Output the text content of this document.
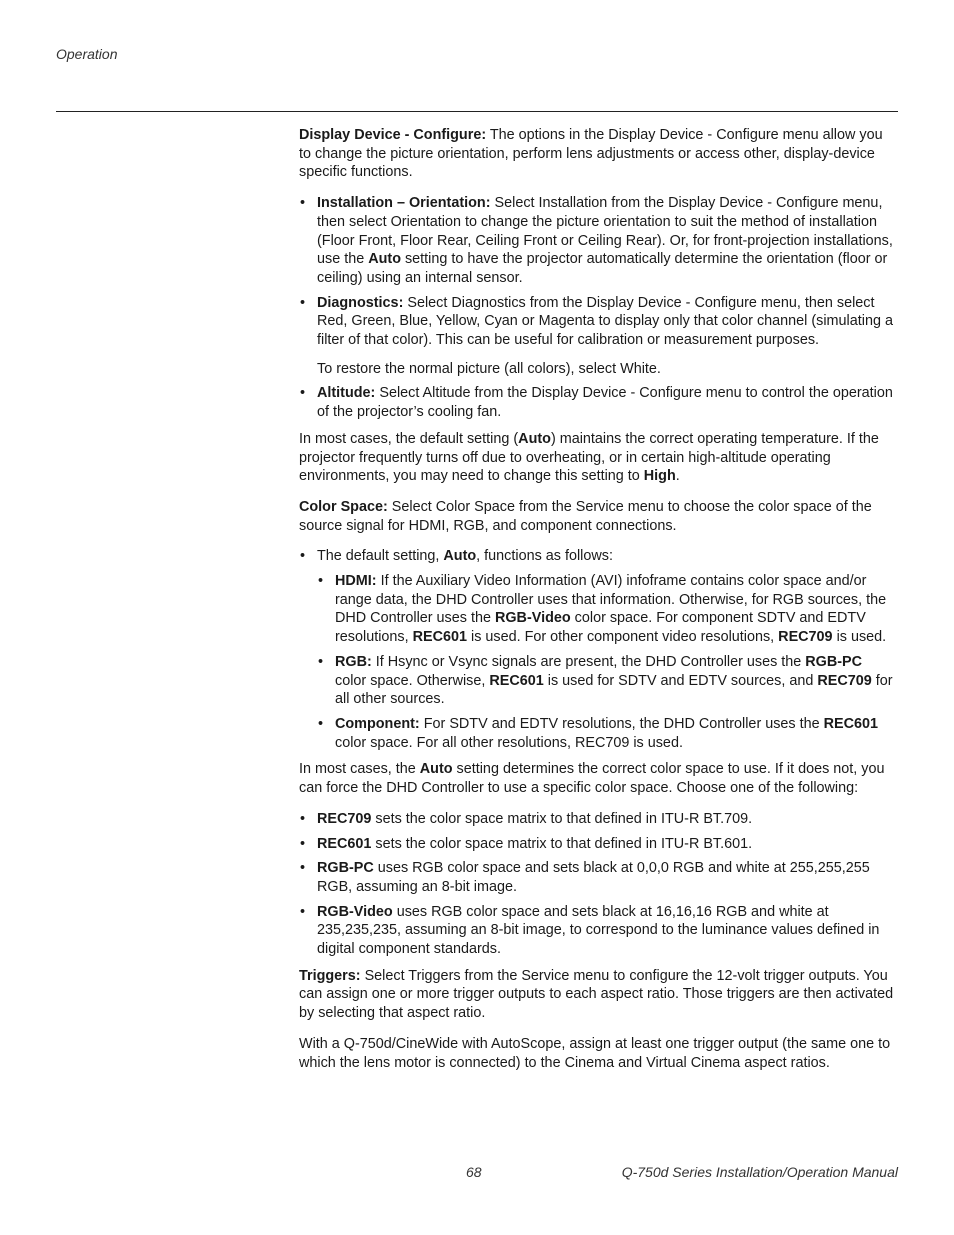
Operation

Display Device - Configure: The options in the Display Device - Configure menu allow you to change the picture orientation, perform lens adjustments or access other, display-device specific functions.

• Installation – Orientation: Select Installation from the Display Device - Configure menu, then select Orientation to change the picture orientation to suit the method of installation (Floor Front, Floor Rear, Ceiling Front or Ceiling Rear). Or, for front-projection installations, use the Auto setting to have the projector automatically determine the orientation (floor or ceiling) using an internal sensor.

• Diagnostics: Select Diagnostics from the Display Device - Configure menu, then select Red, Green, Blue, Yellow, Cyan or Magenta to display only that color channel (simulating a filter of that color). This can be useful for calibration or measurement purposes.

To restore the normal picture (all colors), select White.

• Altitude: Select Altitude from the Display Device - Configure menu to control the operation of the projector’s cooling fan.

In most cases, the default setting (Auto) maintains the correct operating temperature. If the projector frequently turns off due to overheating, or in certain high-altitude operating environments, you may need to change this setting to High.

Color Space: Select Color Space from the Service menu to choose the color space of the source signal for HDMI, RGB, and component connections.

• The default setting, Auto, functions as follows:
• HDMI: If the Auxiliary Video Information (AVI) infoframe contains color space and/or range data, the DHD Controller uses that information. Otherwise, for RGB sources, the DHD Controller uses the RGB-Video color space. For component SDTV and EDTV resolutions, REC601 is used. For other component video resolutions, REC709 is used.
• RGB: If Hsync or Vsync signals are present, the DHD Controller uses the RGB-PC color space. Otherwise, REC601 is used for SDTV and EDTV sources, and REC709 for all other sources.
• Component: For SDTV and EDTV resolutions, the DHD Controller uses the REC601 color space. For all other resolutions, REC709 is used.

In most cases, the Auto setting determines the correct color space to use. If it does not, you can force the DHD Controller to use a specific color space. Choose one of the following:

• REC709 sets the color space matrix to that defined in ITU-R BT.709.
• REC601 sets the color space matrix to that defined in ITU-R BT.601.
• RGB-PC uses RGB color space and sets black at 0,0,0 RGB and white at 255,255,255 RGB, assuming an 8-bit image.
• RGB-Video uses RGB color space and sets black at 16,16,16 RGB and white at 235,235,235, assuming an 8-bit image, to correspond to the luminance values defined in digital component standards.

Triggers: Select Triggers from the Service menu to configure the 12-volt trigger outputs. You can assign one or more trigger outputs to each aspect ratio. Those triggers are then activated by selecting that aspect ratio.

With a Q-750d/CineWide with AutoScope, assign at least one trigger output (the same one to which the lens motor is connected) to the Cinema and Virtual Cinema aspect ratios.

68	Q-750d Series Installation/Operation Manual
